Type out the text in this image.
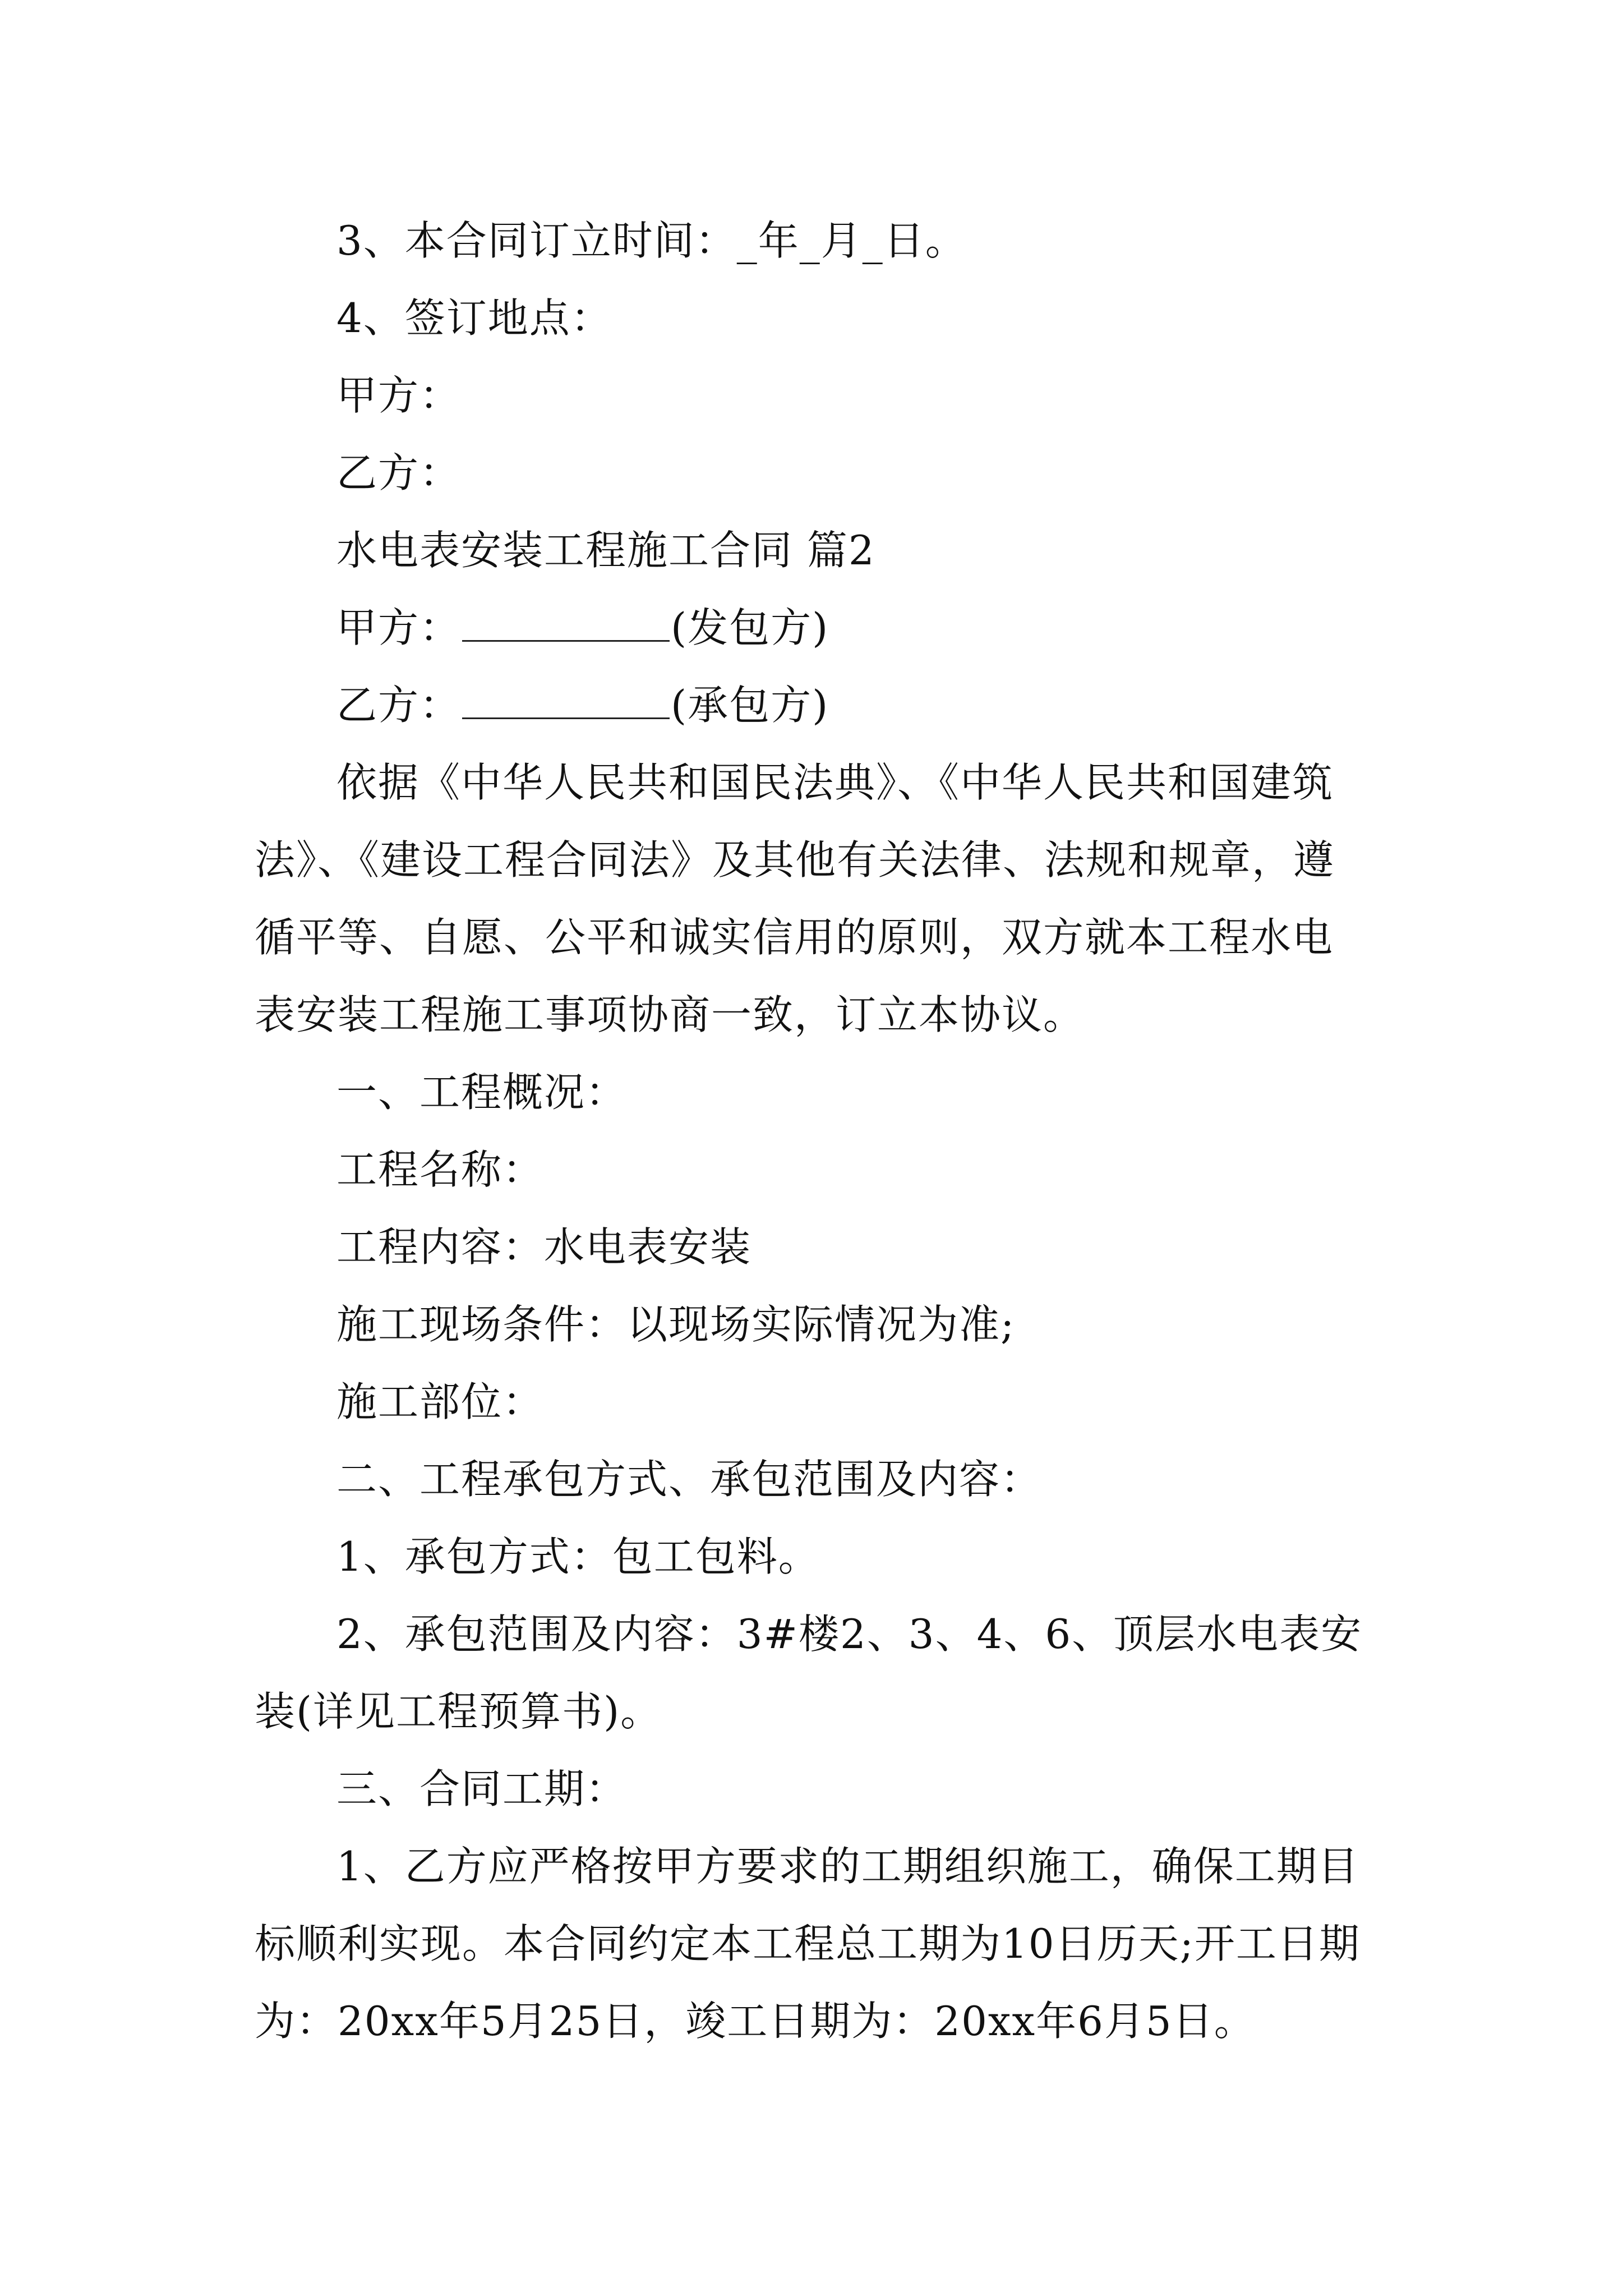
3、本合同订立时间：_年_月_日。

4、签订地点：

甲方：

乙方：

水电表安装工程施工合同 篇2

甲方：	(发包方)

乙方：	(承包方)

依据《中华人民共和国民法典》、《中华人民共和国建筑法》、《建设工程合同法》及其他有关法律、法规和规章，遵循平等、自愿、公平和诚实信用的原则，双方就本工程水电表安装工程施工事项协商一致，订立本协议。

一、工程概况：

工程名称：

工程内容：水电表安装

施工现场条件：以现场实际情况为准;

施工部位：

二、工程承包方式、承包范围及内容：

1、承包方式：包工包料。

2、承包范围及内容：3#楼2、3、4、6、顶层水电表安装(详见工程预算书)。

三、合同工期：

1、乙方应严格按甲方要求的工期组织施工，确保工期目标顺利实现。本合同约定本工程总工期为10日历天;开工日期为：20xx年5月25日，竣工日期为：20xx年6月5日。
